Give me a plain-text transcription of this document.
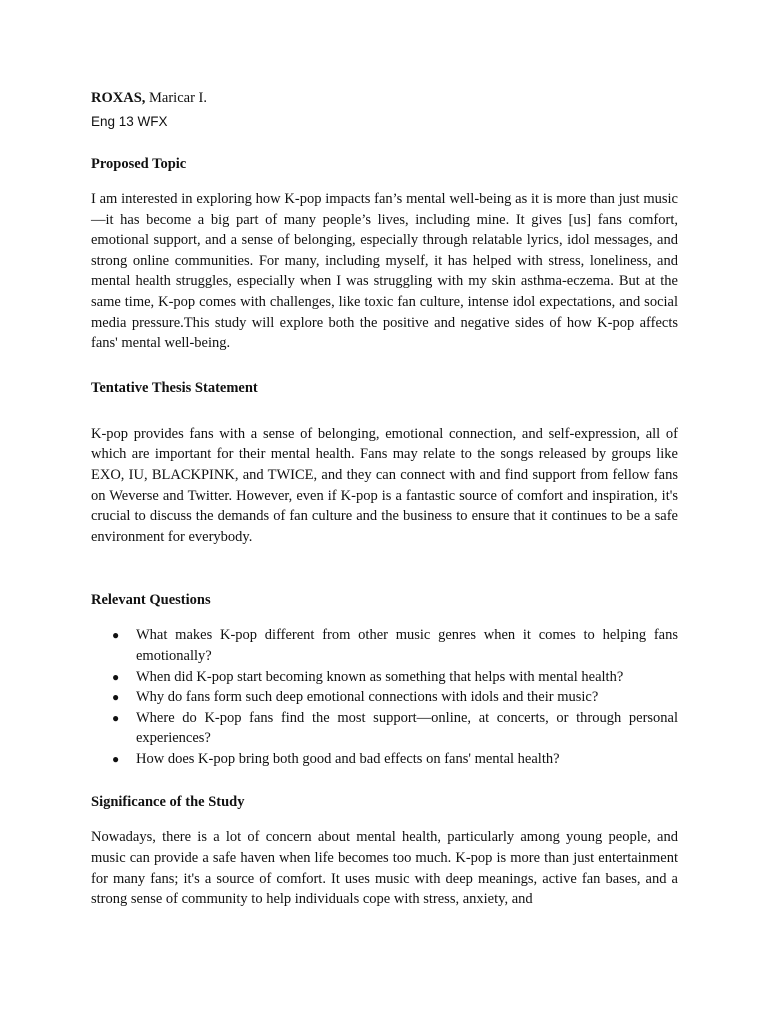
ROXAS, Maricar I.

Eng 13 WFX

Proposed Topic

I am interested in exploring how K-pop impacts fan’s mental well-being as it is more than just music—it has become a big part of many people’s lives, including mine. It gives [us] fans comfort, emotional support, and a sense of belonging, especially through relatable lyrics, idol messages, and strong online communities. For many, including myself, it has helped with stress, loneliness, and mental health struggles, especially when I was struggling with my skin asthma-eczema. But at the same time, K-pop comes with challenges, like toxic fan culture, intense idol expectations, and social media pressure.This study will explore both the positive and negative sides of how K-pop affects fans' mental well-being.

Tentative Thesis Statement

K-pop provides fans with a sense of belonging, emotional connection, and self-expression, all of which are important for their mental health. Fans may relate to the songs released by groups like EXO, IU, BLACKPINK, and TWICE, and they can connect with and find support from fellow fans on Weverse and Twitter. However, even if K-pop is a fantastic source of comfort and inspiration, it's crucial to discuss the demands of fan culture and the business to ensure that it continues to be a safe environment for everybody.

Relevant Questions
● What makes K-pop different from other music genres when it comes to helping fans emotionally?
● When did K-pop start becoming known as something that helps with mental health?
● Why do fans form such deep emotional connections with idols and their music?
● Where do K-pop fans find the most support—online, at concerts, or through personal experiences?
● How does K-pop bring both good and bad effects on fans' mental health?
Significance of the Study

Nowadays, there is a lot of concern about mental health, particularly among young people, and music can provide a safe haven when life becomes too much. K-pop is more than just entertainment for many fans; it's a source of comfort. It uses music with deep meanings, active fan bases, and a strong sense of community to help individuals cope with stress, anxiety, and
